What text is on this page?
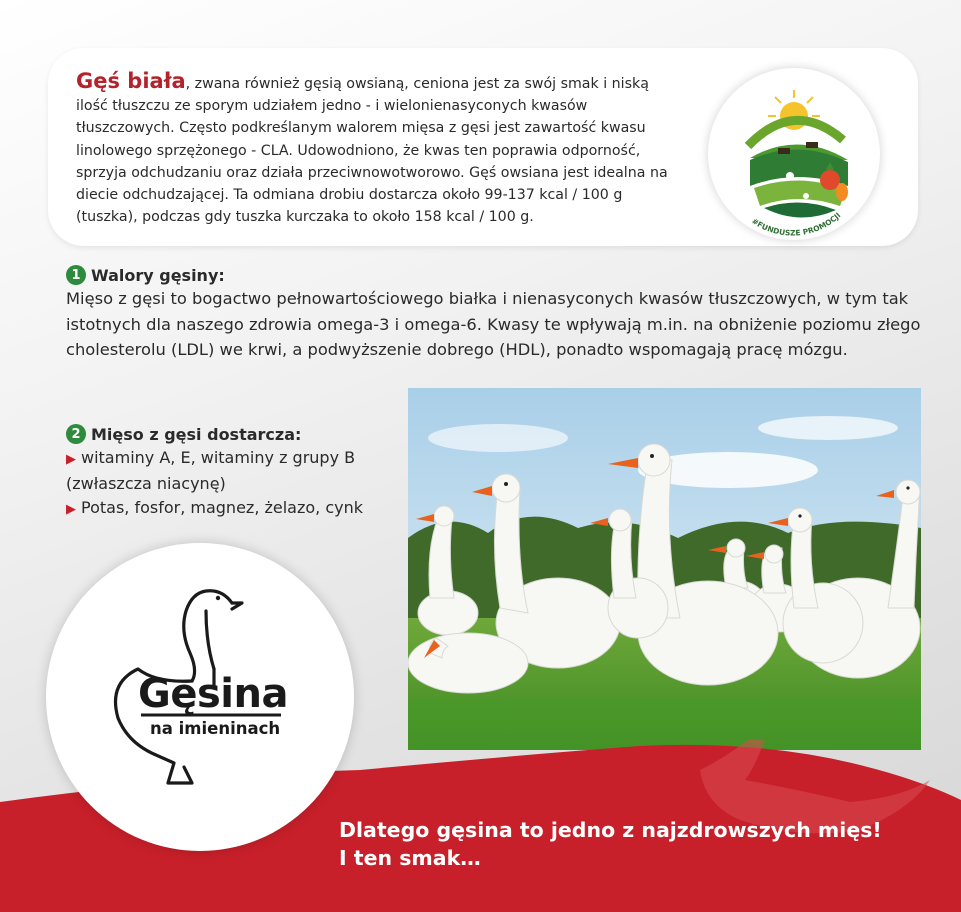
Gęś biała, zwana również gęsią owsianą, ceniona jest za swój smak i niską ilość tłuszczu ze sporym udziałem jedno - i wielonienasyconych kwasów tłuszczowych. Często podkreślanym walorem mięsa z gęsi jest zawartość kwasu linolowego sprzężonego - CLA. Udowodniono, że kwas ten poprawia odporność, sprzyja odchudzaniu oraz działa przeciwnowotworowo. Gęś owsiana jest idealna na diecie odchudzającej. Ta odmiana drobiu dostarcza około 99-137 kcal / 100 g (tuszka), podczas gdy tuszka kurczaka to około 158 kcal / 100 g.	#FUNDUSZE PROMOCJI
1 Walory gęsiny:
Mięso z gęsi to bogactwo pełnowartościowego białka i nienasyconych kwasów tłuszczowych, w tym tak istotnych dla naszego zdrowia omega-3 i omega-6. Kwasy te wpływają m.in. na obniżenie poziomu złego cholesterolu (LDL) we krwi, a podwyższenie dobrego (HDL), ponadto wspomagają pracę mózgu.
2 Mięso z gęsi dostarcza:
▶ witaminy A, E, witaminy z grupy B
(zwłaszcza niacynę)
▶ Potas, fosfor, magnez, żelazo, cynk
Gęsina
na imieninach
Dlatego gęsina to jedno z najzdrowszych mięs!
I ten smak…
